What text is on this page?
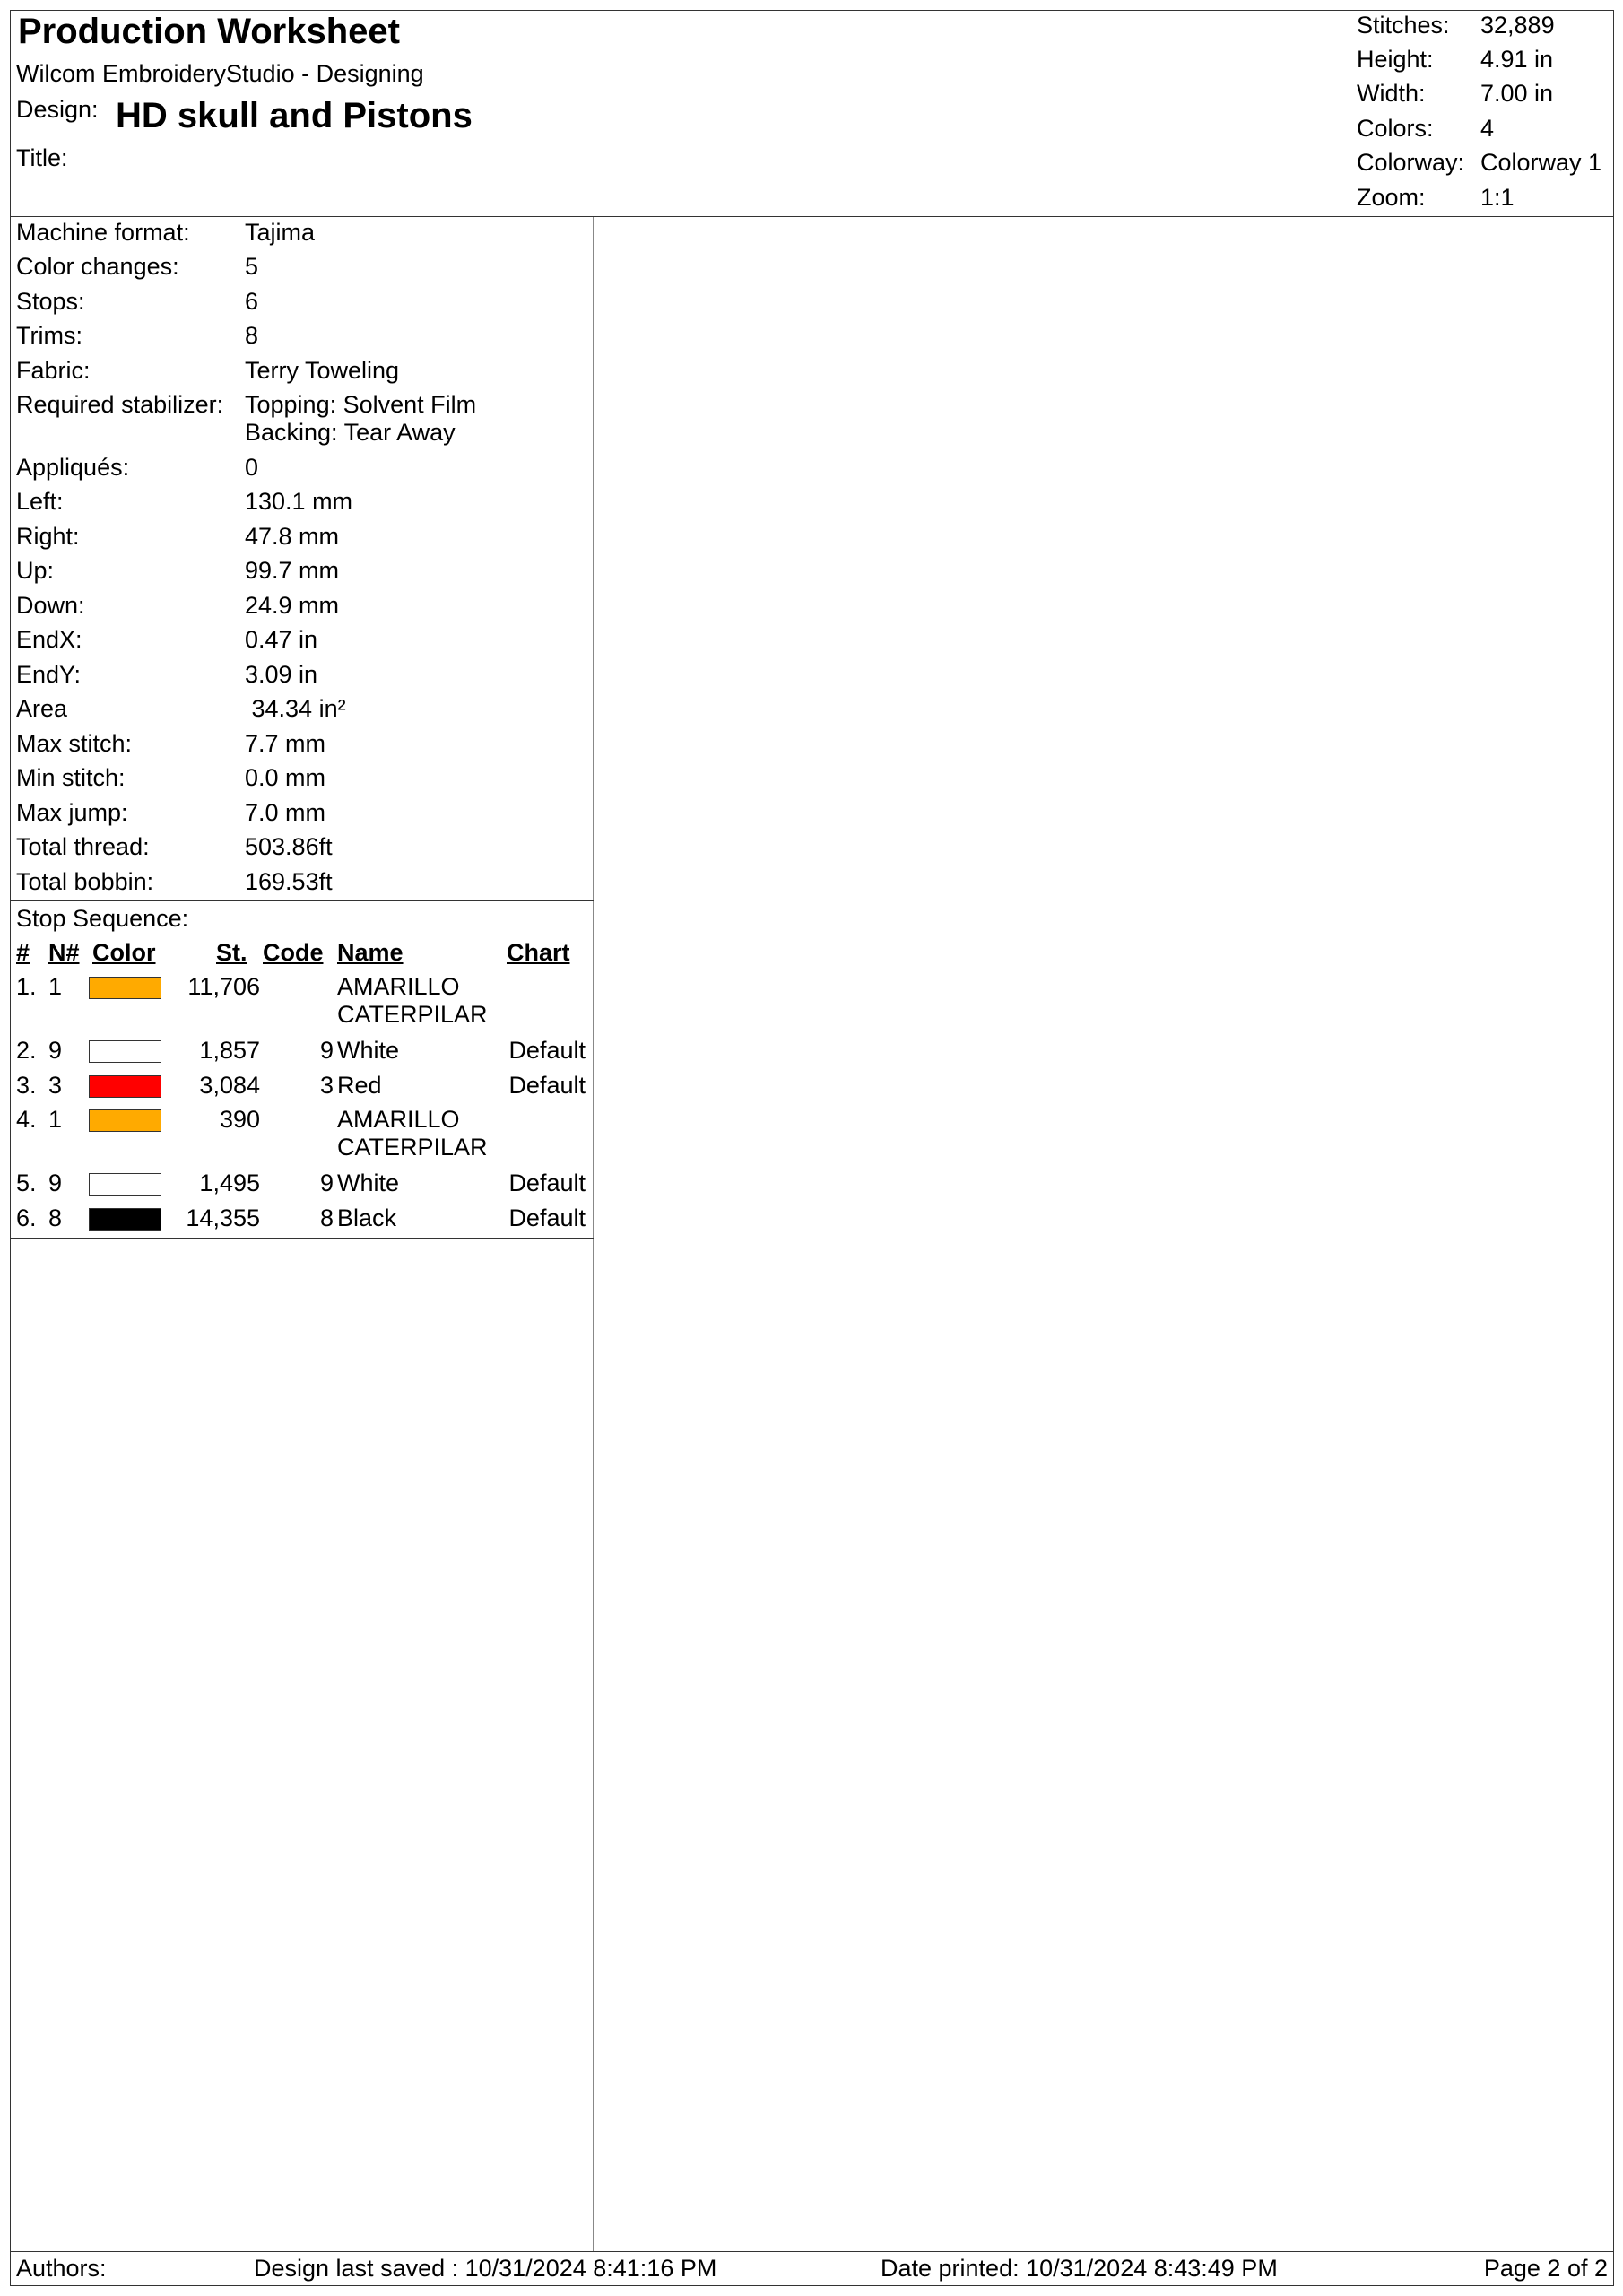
Production Worksheet
Wilcom EmbroideryStudio - Designing
Design: HD skull and Pistons
Title:
Stitches: 32,889
Height: 4.91 in
Width: 7.00 in
Colors: 4
Colorway: Colorway 1
Zoom: 1:1
Machine format: Tajima
Color changes:	5
Stops:	6
Trims:	8
Fabric:	Terry Toweling
Required stabilizer: Topping: Solvent Film
Backing: Tear Away
Appliqués:	0
Left:	130.1 mm
Right:	47.8 mm
Up:	99.7 mm
Down:	24.9 mm
EndX:	0.47 in
EndY:	3.09 in
Area	34.34 in²
Max stitch:	7.7 mm
Min stitch:	0.0 mm
Max jump:	7.0 mm
Total thread:	503.86ft
Total bobbin:	169.53ft
Stop Sequence:
# N# Color	St. Code Name	Chart
1. 1	11,706	AMARILLO
CATERPILAR
2. 9	1,857 9 White	Default
3. 3	3,084 3 Red	Default
4. 1	390	AMARILLO
CATERPILAR
5. 9	1,495 9 White	Default
6. 8	14,355 8 Black	Default
Authors:	Design last saved : 10/31/2024 8:41:16 PM	Date printed: 10/31/2024 8:43:49 PM	Page 2 of 2
